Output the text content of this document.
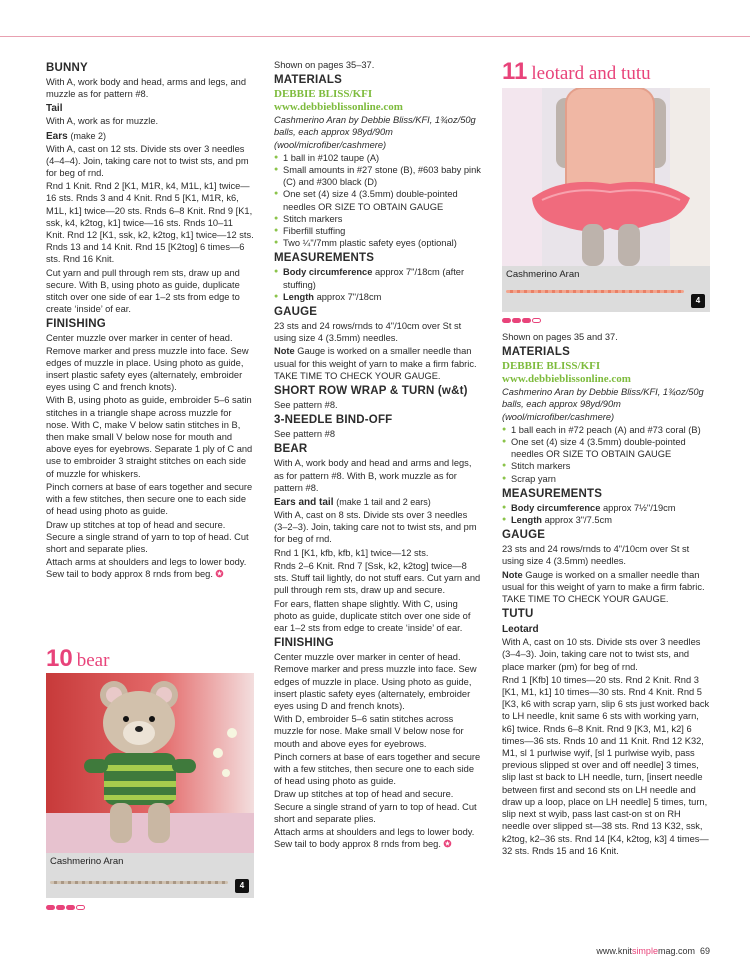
BUNNY

With A, work body and head, arms and legs, and muzzle as for pattern #8.

Tail

With A, work as for muzzle.

Ears (make 2)

With A, cast on 12 sts. Divide sts over 3 needles (4–4–4). Join, taking care not to twist sts, and pm for beg of rnd.

Rnd 1 Knit. Rnd 2 [K1, M1R, k4, M1L, k1] twice—16 sts. Rnds 3 and 4 Knit. Rnd 5 [K1, M1R, k6, M1L, k1] twice—20 sts. Rnds 6–8 Knit. Rnd 9 [K1, ssk, k4, k2tog, k1] twice—16 sts. Rnds 10–11 Knit. Rnd 12 [K1, ssk, k2, k2tog, k1] twice—12 sts. Rnds 13 and 14 Knit. Rnd 15 [K2tog] 6 times—6 sts. Rnd 16 Knit.

Cut yarn and pull through rem sts, draw up and secure. With B, using photo as guide, duplicate stitch over one side of ear 1–2 sts from edge to create ‘inside’ of ear.

FINISHING

Center muzzle over marker in center of head. Remove marker and press muzzle into face. Sew edges of muzzle in place. Using photo as guide, insert plastic safety eyes (alternately, embroider eyes using C and french knots).

With B, using photo as guide, embroider 5–6 satin stitches in a triangle shape across muzzle for nose. With C, make V below satin stitches in B, then make small V below nose for mouth and above eyes for eyebrows. Separate 1 ply of C and use to embroider 3 straight stitches on each side of muzzle for whiskers.

Pinch corners at base of ears together and secure with a few stitches, then secure one to each side of head using photo as guide.

Draw up stitches at top of head and secure. Secure a single strand of yarn to top of head. Cut short and separate plies.

Attach arms at shoulders and legs to lower body. Sew tail to body approx 8 rnds from beg. ✪

10 bear
Cashmerino Aran
4

Shown on pages 35–37.

MATERIALS
DEBBIE BLISS/KFI
www.debbieblissonline.com

Cashmerino Aran by Debbie Bliss/KFI, 1¾oz/50g balls, each approx 98yd/90m (wool/microfiber/cashmere)

● 1 ball in #102 taupe (A)
● Small amounts in #27 stone (B), #603 baby pink (C) and #300 black (D)
● One set (4) size 4 (3.5mm) double-pointed needles OR SIZE TO OBTAIN GAUGE
● Stitch markers
● Fiberfill stuffing
● Two ¼"/7mm plastic safety eyes (optional)
MEASUREMENTS
● Body circumference approx 7"/18cm (after stuffing)
● Length approx 7"/18cm
GAUGE

23 sts and 24 rows/rnds to 4"/10cm over St st using size 4 (3.5mm) needles.

Note Gauge is worked on a smaller needle than usual for this weight of yarn to make a firm fabric. TAKE TIME TO CHECK YOUR GAUGE.

SHORT ROW WRAP & TURN (w&t)

See pattern #8.

3-NEEDLE BIND-OFF

See pattern #8

BEAR

With A, work body and head and arms and legs, as for pattern #8. With B, work muzzle as for pattern #8.

Ears and tail (make 1 tail and 2 ears)

With A, cast on 8 sts. Divide sts over 3 needles (3–2–3). Join, taking care not to twist sts, and pm for beg of rnd.

Rnd 1 [K1, kfb, kfb, k1] twice—12 sts.

Rnds 2–6 Knit. Rnd 7 [Ssk, k2, k2tog] twice—8 sts. Stuff tail lightly, do not stuff ears. Cut yarn and pull through rem sts, draw up and secure.

For ears, flatten shape slightly. With C, using photo as guide, duplicate stitch over one side of ear 1–2 sts from edge to create ‘inside’ of ear.

FINISHING

Center muzzle over marker in center of head. Remove marker and press muzzle into face. Sew edges of muzzle in place. Using photo as guide, insert plastic safety eyes (alternately, embroider eyes using D and french knots).

With D, embroider 5–6 satin stitches across muzzle for nose. Make small V below nose for mouth and above eyes for eyebrows.

Pinch corners at base of ears together and secure with a few stitches, then secure one to each side of head using photo as guide.

Draw up stitches at top of head and secure. Secure a single strand of yarn to top of head. Cut short and separate plies.

Attach arms at shoulders and legs to lower body. Sew tail to body approx 8 rnds from beg. ✪

11 leotard and tutu
Cashmerino Aran
4

Shown on pages 35 and 37.

MATERIALS
DEBBIE BLISS/KFI
www.debbieblissonline.com

Cashmerino Aran by Debbie Bliss/KFI, 1¾oz/50g balls, each approx 98yd/90m (wool/microfiber/cashmere)

● 1 ball each in #72 peach (A) and #73 coral (B)
● One set (4) size 4 (3.5mm) double-pointed needles OR SIZE TO OBTAIN GAUGE
● Stitch markers
● Scrap yarn
MEASUREMENTS
● Body circumference approx 7½"/19cm
● Length approx 3"/7.5cm
GAUGE

23 sts and 24 rows/rnds to 4"/10cm over St st using size 4 (3.5mm) needles.

Note Gauge is worked on a smaller needle than usual for this weight of yarn to make a firm fabric. TAKE TIME TO CHECK YOUR GAUGE.

TUTU
Leotard

With A, cast on 10 sts. Divide sts over 3 needles (3–4–3). Join, taking care not to twist sts, and place marker (pm) for beg of rnd.

Rnd 1 [Kfb] 10 times—20 sts. Rnd 2 Knit. Rnd 3 [K1, M1, k1] 10 times—30 sts. Rnd 4 Knit. Rnd 5 [K3, k6 with scrap yarn, slip 6 sts just worked back to LH needle, knit same 6 sts with working yarn, k6] twice. Rnds 6–8 Knit. Rnd 9 [K3, M1, k2] 6 times—36 sts. Rnds 10 and 11 Knit. Rnd 12 K32, M1, sl 1 purlwise wyif, [sl 1 purlwise wyib, pass previous slipped st over and off needle] 3 times, slip last st back to LH needle, turn, [insert needle between first and second sts on LH needle and draw up a loop, place on LH needle] 5 times, turn, slip next st wyib, pass last cast-on st on RH needle over slipped st—38 sts. Rnd 13 K32, ssk, k2tog, k2–36 sts. Rnd 14 [K4, k2tog, k3] 4 times—32 sts. Rnds 15 and 16 Knit.

www.knitsimplemag.com 69
